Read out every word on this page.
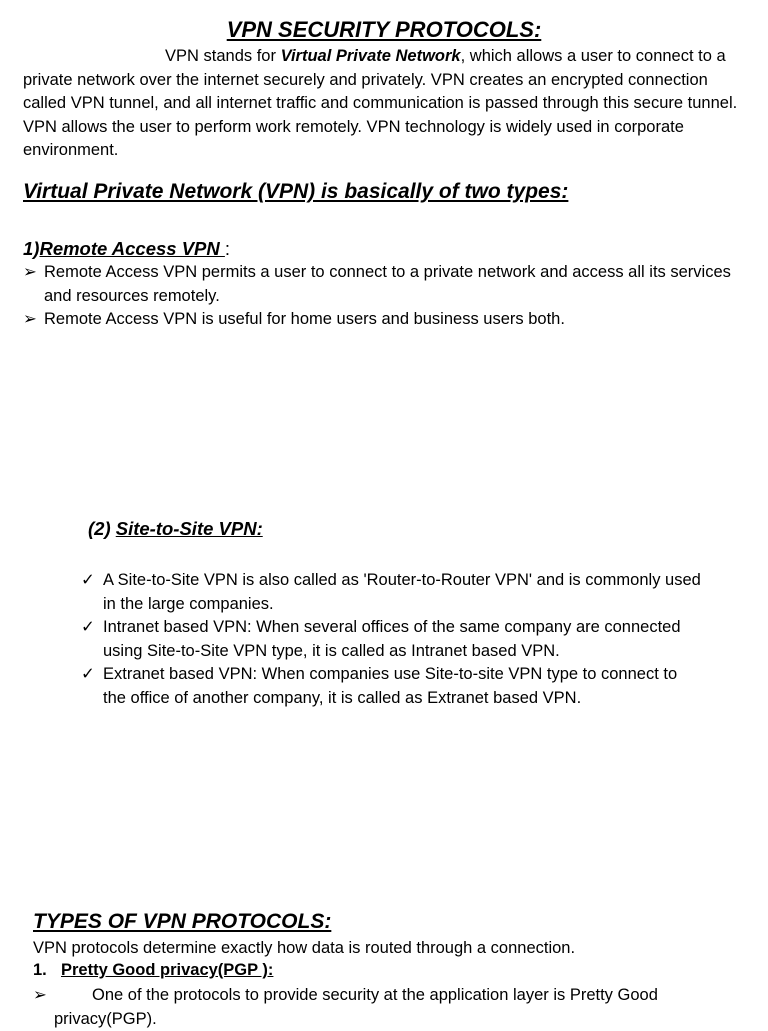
VPN SECURITY PROTOCOLS:
VPN stands for Virtual Private Network, which allows a user to connect to a private network over the internet securely and privately. VPN creates an encrypted connection called VPN tunnel, and all internet traffic and communication is passed through this secure tunnel. VPN allows the user to perform work remotely. VPN technology is widely used in corporate environment.
Virtual Private Network (VPN) is basically of two types:
1)Remote Access VPN :
➢ Remote Access VPN permits a user to connect to a private network and access all its services and resources remotely.
➢ Remote Access VPN is useful for home users and business users both.
(2) Site-to-Site VPN:
✓ A Site-to-Site VPN is also called as 'Router-to-Router VPN' and is commonly used in the large companies.
✓ Intranet based VPN: When several offices of the same company are connected using Site-to-Site VPN type, it is called as Intranet based VPN.
✓ Extranet based VPN: When companies use Site-to-site VPN type to connect to the office of another company, it is called as Extranet based VPN.
TYPES OF VPN PROTOCOLS:
VPN protocols determine exactly how data is routed through a connection.
1. Pretty Good privacy(PGP ):
➢	One of the protocols to provide security at the application layer is Pretty Good privacy(PGP).
